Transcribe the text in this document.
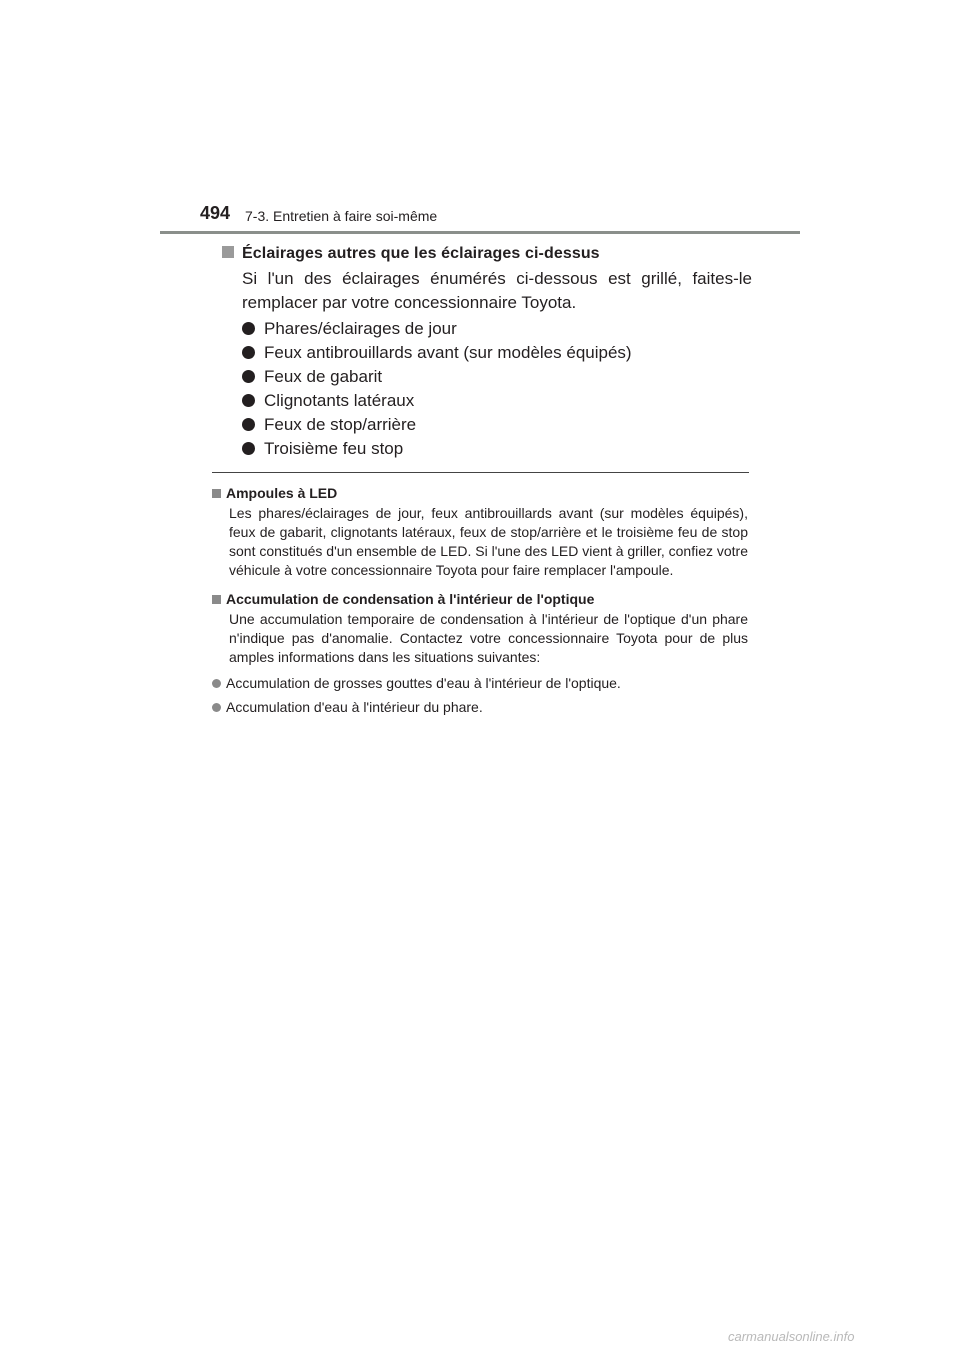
494 7-3. Entretien à faire soi-même
Éclairages autres que les éclairages ci-dessus
Si l'un des éclairages énumérés ci-dessous est grillé, faites-le remplacer par votre concessionnaire Toyota.
Phares/éclairages de jour
Feux antibrouillards avant (sur modèles équipés)
Feux de gabarit
Clignotants latéraux
Feux de stop/arrière
Troisième feu stop
Ampoules à LED
Les phares/éclairages de jour, feux antibrouillards avant (sur modèles équipés), feux de gabarit, clignotants latéraux, feux de stop/arrière et le troisième feu de stop sont constitués d'un ensemble de LED. Si l'une des LED vient à griller, confiez votre véhicule à votre concessionnaire Toyota pour faire remplacer l'ampoule.
Accumulation de condensation à l'intérieur de l'optique
Une accumulation temporaire de condensation à l'intérieur de l'optique d'un phare n'indique pas d'anomalie. Contactez votre concessionnaire Toyota pour de plus amples informations dans les situations suivantes:
Accumulation de grosses gouttes d'eau à l'intérieur de l'optique.
Accumulation d'eau à l'intérieur du phare.
carmanualsonline.info
